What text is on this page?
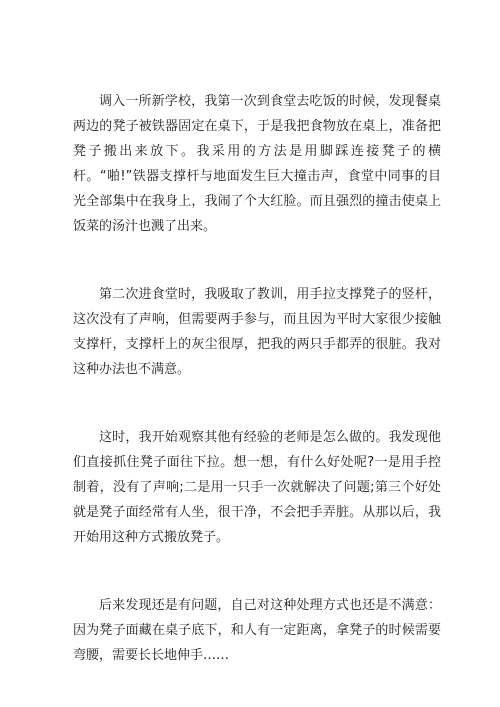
调入一所新学校，我第一次到食堂去吃饭的时候，发现餐桌两边的凳子被铁器固定在桌下，于是我把食物放在桌上，准备把凳子搬出来放下。我采用的方法是用脚踩连接凳子的横杆。“啪!”铁器支撑杆与地面发生巨大撞击声，食堂中同事的目光全部集中在我身上，我闹了个大红脸。而且强烈的撞击使桌上饭菜的汤汁也溅了出来。

第二次进食堂时，我吸取了教训，用手拉支撑凳子的竖杆，这次没有了声响，但需要两手参与，而且因为平时大家很少接触支撑杆，支撑杆上的灰尘很厚，把我的两只手都弄的很脏。我对这种办法也不满意。

这时，我开始观察其他有经验的老师是怎么做的。我发现他们直接抓住凳子面往下拉。想一想，有什么好处呢?一是用手控制着，没有了声响;二是用一只手一次就解决了问题;第三个好处就是凳子面经常有人坐，很干净，不会把手弄脏。从那以后，我开始用这种方式搬放凳子。

后来发现还是有问题，自己对这种处理方式也还是不满意：因为凳子面藏在桌子底下，和人有一定距离，拿凳子的时候需要弯腰，需要长长地伸手……
